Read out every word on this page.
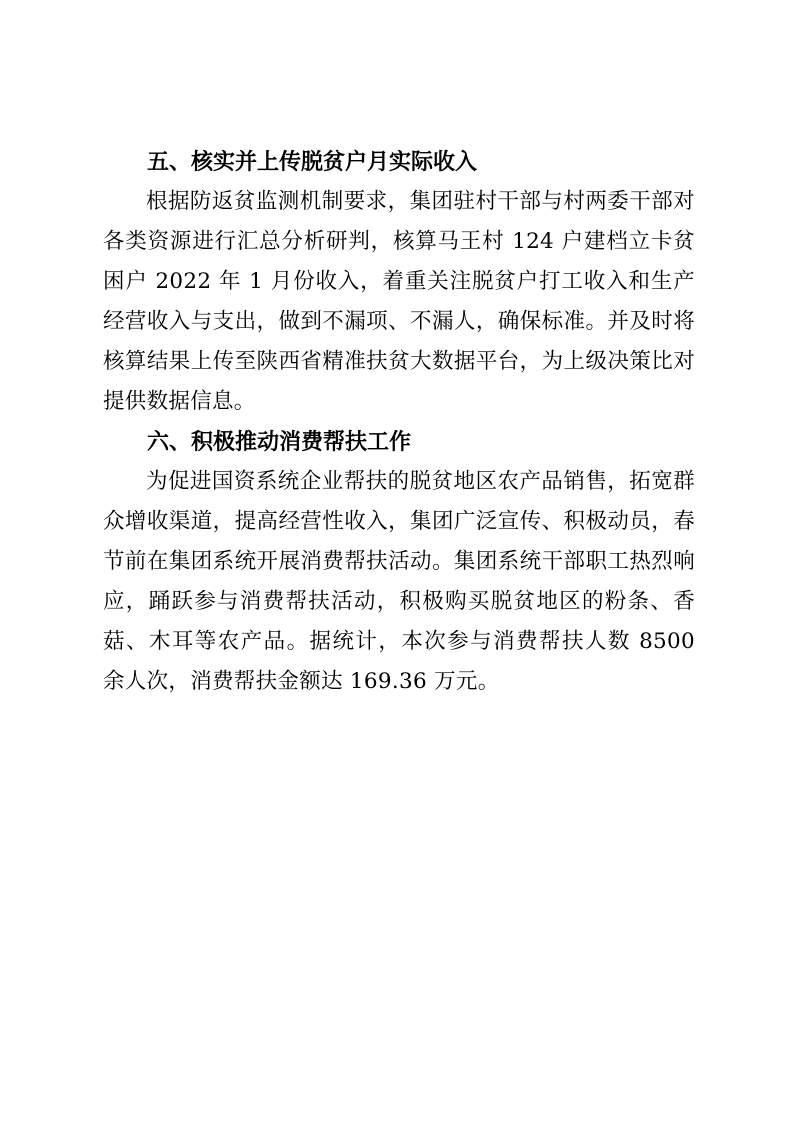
五、核实并上传脱贫户月实际收入

根据防返贫监测机制要求，集团驻村干部与村两委干部对各类资源进行汇总分析研判，核算马王村 124 户建档立卡贫困户 2022 年 1 月份收入，着重关注脱贫户打工收入和生产经营收入与支出，做到不漏项、不漏人，确保标准。并及时将核算结果上传至陕西省精准扶贫大数据平台，为上级决策比对提供数据信息。

六、积极推动消费帮扶工作

为促进国资系统企业帮扶的脱贫地区农产品销售，拓宽群众增收渠道，提高经营性收入，集团广泛宣传、积极动员，春节前在集团系统开展消费帮扶活动。集团系统干部职工热烈响应，踊跃参与消费帮扶活动，积极购买脱贫地区的粉条、香菇、木耳等农产品。据统计，本次参与消费帮扶人数 8500 余人次，消费帮扶金额达 169.36 万元。
